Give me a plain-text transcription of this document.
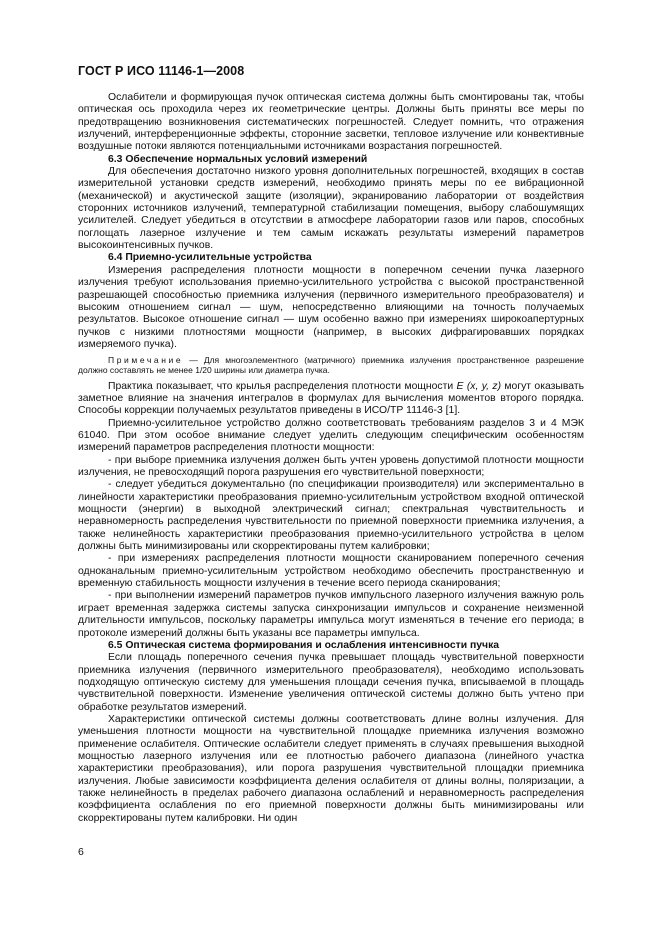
ГОСТ Р ИСО 11146-1—2008

Ослабители и формирующая пучок оптическая система должны быть смонтированы так, чтобы оптическая ось проходила через их геометрические центры. Должны быть приняты все меры по предотвращению возникновения систематических погрешностей. Следует помнить, что отражения излучений, интерференционные эффекты, сторонние засветки, тепловое излучение или конвективные воздушные потоки являются потенциальными источниками возрастания погрешностей.

6.3 Обеспечение нормальных условий измерений

Для обеспечения достаточно низкого уровня дополнительных погрешностей, входящих в состав измерительной установки средств измерений, необходимо принять меры по ее вибрационной (механической) и акустической защите (изоляции), экранированию лаборатории от воздействия сторонних источников излучений, температурной стабилизации помещения, выбору слабошумящих усилителей. Следует убедиться в отсутствии в атмосфере лаборатории газов или паров, способных поглощать лазерное излучение и тем самым искажать результаты измерений параметров высокоинтенсивных пучков.

6.4 Приемно-усилительные устройства

Измерения распределения плотности мощности в поперечном сечении пучка лазерного излучения требуют использования приемно-усилительного устройства с высокой пространственной разрешающей способностью приемника излучения (первичного измерительного преобразователя) и высоким отношением сигнал — шум, непосредственно влияющими на точность получаемых результатов. Высокое отношение сигнал — шум особенно важно при измерениях широкоапертурных пучков с низкими плотностями мощности (например, в высоких дифрагировавших порядках измеряемого пучка).

Примечание — Для многоэлементного (матричного) приемника излучения пространственное разрешение должно составлять не менее 1/20 ширины или диаметра пучка.

Практика показывает, что крылья распределения плотности мощности E (x, y, z) могут оказывать заметное влияние на значения интегралов в формулах для вычисления моментов второго порядка. Способы коррекции получаемых результатов приведены в ИСО/ТР 11146-3 [1].

Приемно-усилительное устройство должно соответствовать требованиям разделов 3 и 4 МЭК 61040. При этом особое внимание следует уделить следующим специфическим особенностям измерений параметров распределения плотности мощности:

- при выборе приемника излучения должен быть учтен уровень допустимой плотности мощности излучения, не превосходящий порога разрушения его чувствительной поверхности;

- следует убедиться документально (по спецификации производителя) или экспериментально в линейности характеристики преобразования приемно-усилительным устройством входной оптической мощности (энергии) в выходной электрический сигнал; спектральная чувствительность и неравномерность распределения чувствительности по приемной поверхности приемника излучения, а также нелинейность характеристики преобразования приемно-усилительного устройства в целом должны быть минимизированы или скорректированы путем калибровки;

- при измерениях распределения плотности мощности сканированием поперечного сечения одноканальным приемно-усилительным устройством необходимо обеспечить пространственную и временную стабильность мощности излучения в течение всего периода сканирования;

- при выполнении измерений параметров пучков импульсного лазерного излучения важную роль играет временная задержка системы запуска синхронизации импульсов и сохранение неизменной длительности импульсов, поскольку параметры импульса могут изменяться в течение его периода; в протоколе измерений должны быть указаны все параметры импульса.

6.5 Оптическая система формирования и ослабления интенсивности пучка

Если площадь поперечного сечения пучка превышает площадь чувствительной поверхности приемника излучения (первичного измерительного преобразователя), необходимо использовать подходящую оптическую систему для уменьшения площади сечения пучка, вписываемой в площадь чувствительной поверхности. Изменение увеличения оптической системы должно быть учтено при обработке результатов измерений.

Характеристики оптической системы должны соответствовать длине волны излучения. Для уменьшения плотности мощности на чувствительной площадке приемника излучения возможно применение ослабителя. Оптические ослабители следует применять в случаях превышения выходной мощностью лазерного излучения или ее плотностью рабочего диапазона (линейного участка характеристики преобразования), или порога разрушения чувствительной площадки приемника излучения. Любые зависимости коэффициента деления ослабителя от длины волны, поляризации, а также нелинейность в пределах рабочего диапазона ослаблений и неравномерность распределения коэффициента ослабления по его приемной поверхности должны быть минимизированы или скорректированы путем калибровки. Ни один

6
